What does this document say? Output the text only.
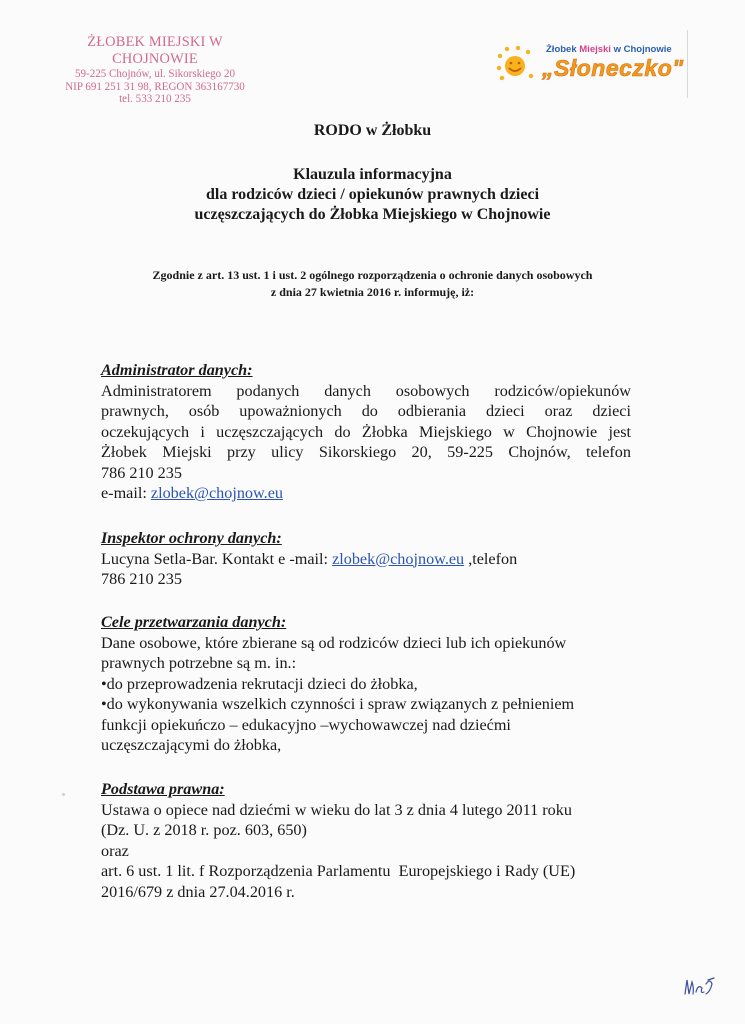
ŻŁOBEK MIEJSKI W CHOJNOWIE
59-225 Chojnów, ul. Sikorskiego 20
NIP 691 251 31 98, REGON 363167730
tel. 533 210 235
Żłobek Miejski w Chojnowie
„Słoneczko"
RODO w Żłobku
Klauzula informacyjna
dla rodziców dzieci / opiekunów prawnych dzieci
uczęszczających do Żłobka Miejskiego w Chojnowie
Zgodnie z art. 13 ust. 1 i ust. 2 ogólnego rozporządzenia o ochronie danych osobowych
z dnia 27 kwietnia 2016 r. informuję, iż:
Administrator danych:
Administratorem podanych danych osobowych rodziców/opiekunów
prawnych, osób upoważnionych do odbierania dzieci oraz dzieci
oczekujących i uczęszczających do Żłobka Miejskiego w Chojnowie jest
Żłobek Miejski przy ulicy Sikorskiego 20, 59-225 Chojnów, telefon
786 210 235
e-mail: zlobek@chojnow.eu
Inspektor ochrony danych:
Lucyna Setla-Bar. Kontakt e -mail: zlobek@chojnow.eu ,telefon
786 210 235
Cele przetwarzania danych:
Dane osobowe, które zbierane są od rodziców dzieci lub ich opiekunów
prawnych potrzebne są m. in.:
•do przeprowadzenia rekrutacji dzieci do żłobka,
•do wykonywania wszelkich czynności i spraw związanych z pełnieniem
funkcji opiekuńczo – edukacyjno –wychowawczej nad dziećmi
uczęszczającymi do żłobka,
Podstawa prawna:
Ustawa o opiece nad dziećmi w wieku do lat 3 z dnia 4 lutego 2011 roku
(Dz. U. z 2018 r. poz. 603, 650)
oraz
art. 6 ust. 1 lit. f Rozporządzenia Parlamentu  Europejskiego i Rady (UE)
2016/679 z dnia 27.04.2016 r.
